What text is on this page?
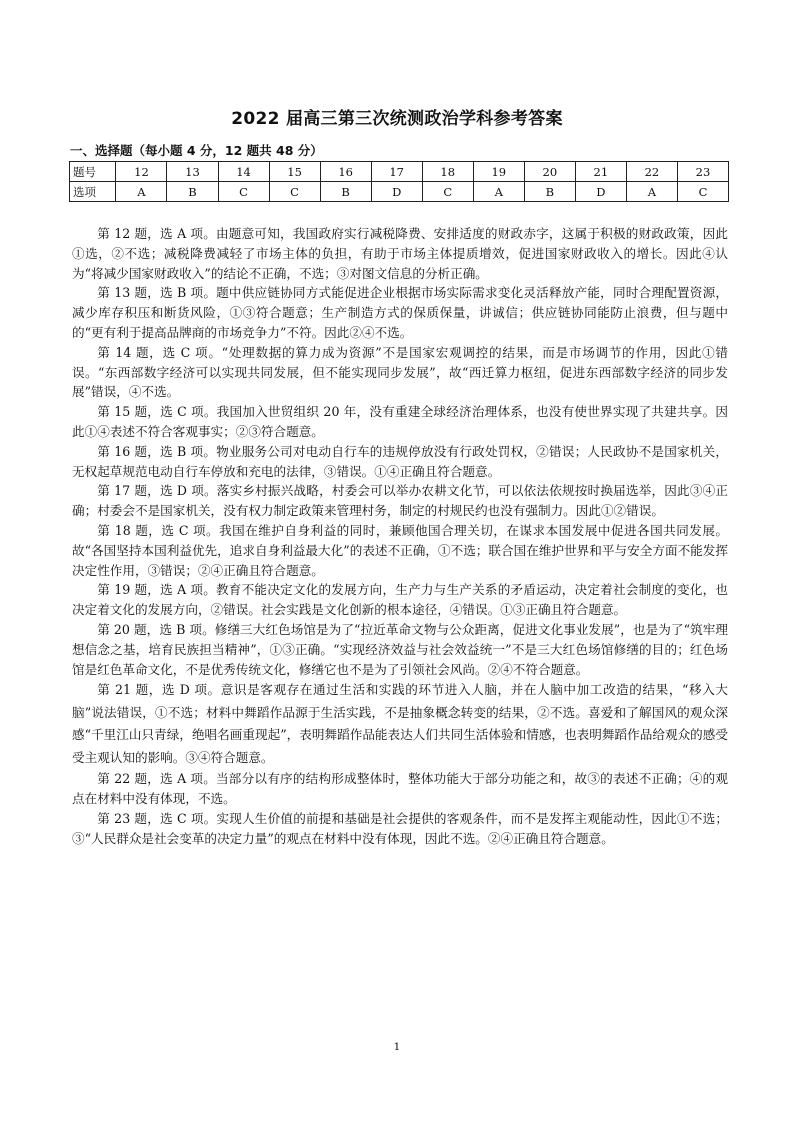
2022 届高三第三次统测政治学科参考答案
一、选择题（每小题 4 分，12 题共 48 分）
题号	12	13	14	15	16	17	18	19	20	21	22	23
选项	A	B	C	C	B	D	C	A	B	D	A	C

第 12 题，选 A 项。由题意可知，我国政府实行减税降费、安排适度的财政赤字，这属于积极的财政政策，因此①选，②不选；减税降费减轻了市场主体的负担，有助于市场主体提质增效，促进国家财政收入的增长。因此④认为“将减少国家财政收入”的结论不正确，不选；③对图文信息的分析正确。

第 13 题，选 B 项。题中供应链协同方式能促进企业根据市场实际需求变化灵活释放产能，同时合理配置资源，减少库存积压和断货风险，①③符合题意；生产制造方式的保质保量，讲诚信；供应链协同能防止浪费，但与题中的“更有利于提高品牌商的市场竞争力”不符。因此②④不选。

第 14 题，选 C 项。“处理数据的算力成为资源”不是国家宏观调控的结果，而是市场调节的作用，因此①错误。“东西部数字经济可以实现共同发展，但不能实现同步发展”，故“西迁算力枢纽，促进东西部数字经济的同步发展”错误，④不选。

第 15 题，选 C 项。我国加入世贸组织 20 年，没有重建全球经济治理体系，也没有使世界实现了共建共享。因此①④表述不符合客观事实；②③符合题意。

第 16 题，选 B 项。物业服务公司对电动自行车的违规停放没有行政处罚权，②错误；人民政协不是国家机关，无权起草规范电动自行车停放和充电的法律，③错误。①④正确且符合题意。

第 17 题，选 D 项。落实乡村振兴战略，村委会可以举办农耕文化节，可以依法依规按时换届选举，因此③④正确；村委会不是国家机关，没有权力制定政策来管理村务，制定的村规民约也没有强制力。因此①②错误。

第 18 题，选 C 项。我国在维护自身利益的同时，兼顾他国合理关切，在谋求本国发展中促进各国共同发展。故“各国坚持本国利益优先，追求自身利益最大化”的表述不正确，①不选；联合国在维护世界和平与安全方面不能发挥决定性作用，③错误；②④正确且符合题意。

第 19 题，选 A 项。教育不能决定文化的发展方向，生产力与生产关系的矛盾运动，决定着社会制度的变化，也决定着文化的发展方向，②错误。社会实践是文化创新的根本途径，④错误。①③正确且符合题意。

第 20 题，选 B 项。修缮三大红色场馆是为了“拉近革命文物与公众距离，促进文化事业发展”，也是为了“筑牢理想信念之基，培育民族担当精神”，①③正确。“实现经济效益与社会效益统一”不是三大红色场馆修缮的目的；红色场馆是红色革命文化，不是优秀传统文化，修缮它也不是为了引领社会风尚。②④不符合题意。

第 21 题，选 D 项。意识是客观存在通过生活和实践的环节进入人脑，并在人脑中加工改造的结果，“移入大脑”说法错误，①不选；材料中舞蹈作品源于生活实践，不是抽象概念转变的结果，②不选。喜爱和了解国风的观众深感“千里江山只青绿，绝唱名画重现起”，表明舞蹈作品能表达人们共同生活体验和情感，也表明舞蹈作品给观众的感受受主观认知的影响。③④符合题意。

第 22 题，选 A 项。当部分以有序的结构形成整体时，整体功能大于部分功能之和，故③的表述不正确；④的观点在材料中没有体现，不选。

第 23 题，选 C 项。实现人生价值的前提和基础是社会提供的客观条件，而不是发挥主观能动性，因此①不选；③“人民群众是社会变革的决定力量”的观点在材料中没有体现，因此不选。②④正确且符合题意。

1
